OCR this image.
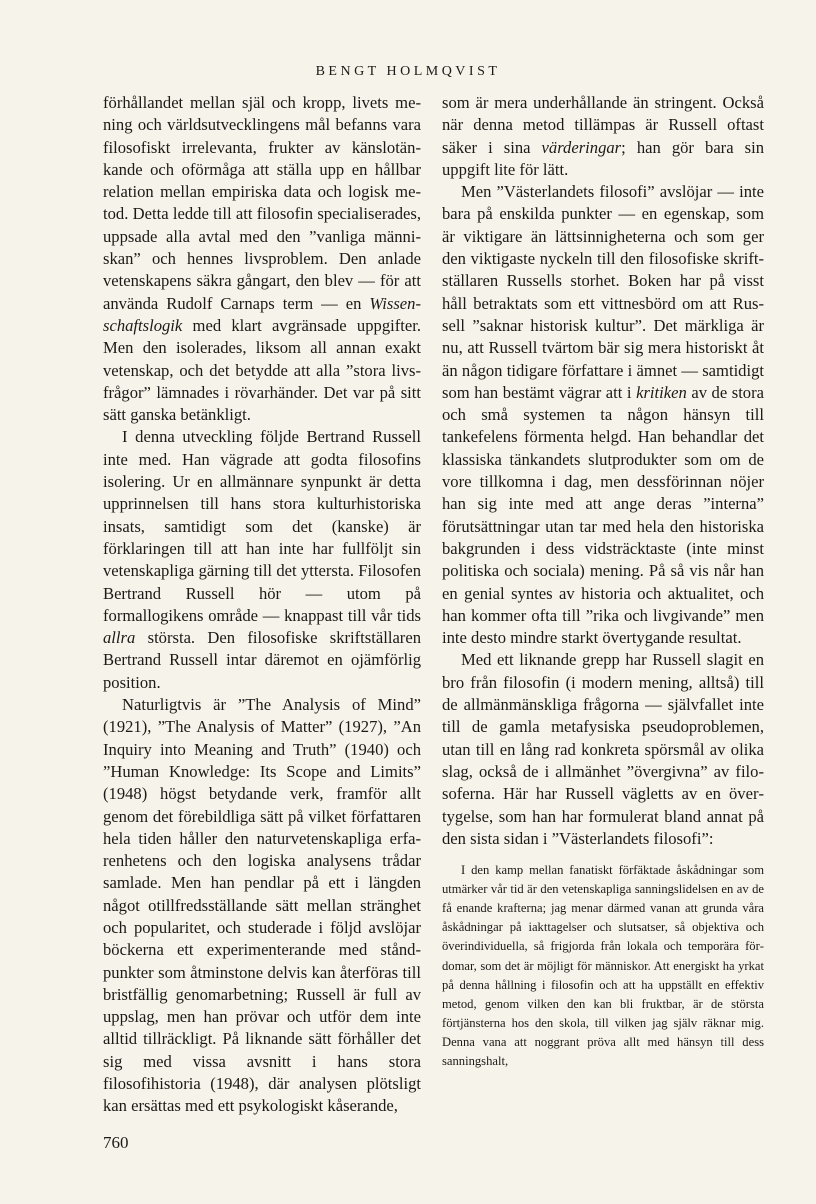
BENGT HOLMQVIST

förhållandet mellan själ och kropp, livets mening och världsutvecklingens mål befanns vara filosofiskt irrelevanta, frukter av känslotänkande och oförmåga att ställa upp en hållbar relation mellan empiriska data och logisk metod. Detta ledde till att filosofin specialiserades, uppsade alla avtal med den ”vanliga människan” och hennes livsproblem. Den anlade vetenskapens säkra gångart, den blev — för att använda Rudolf Carnaps term — en Wissenschaftslogik med klart avgränsade uppgifter. Men den isolerades, liksom all annan exakt vetenskap, och det betydde att alla ”stora livsfrågor” lämnades i rövarhänder. Det var på sitt sätt ganska betänkligt.

I denna utveckling följde Bertrand Russell inte med. Han vägrade att godta filosofins isolering. Ur en allmännare synpunkt är detta upprinnelsen till hans stora kulturhistoriska insats, samtidigt som det (kanske) är förklaringen till att han inte har fullföljt sin vetenskapliga gärning till det yttersta. Filosofen Bertrand Russell hör — utom på formallogikens område — knappast till vår tids allra största. Den filosofiske skriftställaren Bertrand Russell intar däremot en ojämförlig position.

Naturligtvis är ”The Analysis of Mind” (1921), ”The Analysis of Matter” (1927), ”An Inquiry into Meaning and Truth” (1940) och ”Human Knowledge: Its Scope and Limits” (1948) högst betydande verk, framför allt genom det förebildliga sätt på vilket författaren hela tiden håller den naturvetenskapliga erfarenhetens och den logiska analysens trådar samlade. Men han pendlar på ett i längden något otillfredsställande sätt mellan stränghet och popularitet, och studerade i följd avslöjar böckerna ett experimenterande med ståndpunkter som åtminstone delvis kan återföras till bristfällig genomarbetning; Russell är full av uppslag, men han prövar och utför dem inte alltid tillräckligt. På liknande sätt förhåller det sig med vissa avsnitt i hans stora filosofihistoria (1948), där analysen plötsligt kan ersättas med ett psykologiskt kåserande,

som är mera underhållande än stringent. Också när denna metod tillämpas är Russell oftast säker i sina värderingar; han gör bara sin uppgift lite för lätt.

Men ”Västerlandets filosofi” avslöjar — inte bara på enskilda punkter — en egenskap, som är viktigare än lättsinnigheterna och som ger den viktigaste nyckeln till den filosofiske skriftställaren Russells storhet. Boken har på visst håll betraktats som ett vittnesbörd om att Russell ”saknar historisk kultur”. Det märkliga är nu, att Russell tvärtom bär sig mera historiskt åt än någon tidigare författare i ämnet — samtidigt som han bestämt vägrar att i kritiken av de stora och små systemen ta någon hänsyn till tankefelens förmenta helgd. Han behandlar det klassiska tänkandets slutprodukter som om de vore tillkomna i dag, men dessförinnan nöjer han sig inte med att ange deras ”interna” förutsättningar utan tar med hela den historiska bakgrunden i dess vidsträcktaste (inte minst politiska och sociala) mening. På så vis når han en genial syntes av historia och aktualitet, och han kommer ofta till ”rika och livgivande” men inte desto mindre starkt övertygande resultat.

Med ett liknande grepp har Russell slagit en bro från filosofin (i modern mening, alltså) till de allmänmänskliga frågorna — självfallet inte till de gamla metafysiska pseudoproblemen, utan till en lång rad konkreta spörsmål av olika slag, också de i allmänhet ”övergivna” av filosoferna. Här har Russell vägletts av en övertygelse, som han har formulerat bland annat på den sista sidan i ”Västerlandets filosofi”:

I den kamp mellan fanatiskt förfäktade åskådningar som utmärker vår tid är den vetenskapliga sanningslidelsen en av de få enande krafterna; jag menar därmed vanan att grunda våra åskådningar på iakttagelser och slutsatser, så objektiva och överindividuella, så frigjorda från lokala och temporära fördomar, som det är möjligt för människor. Att energiskt ha yrkat på denna hållning i filosofin och att ha uppställt en effektiv metod, genom vilken den kan bli fruktbar, är de största förtjänsterna hos den skola, till vilken jag själv räknar mig. Denna vana att noggrant pröva allt med hänsyn till dess sanningshalt,
760
